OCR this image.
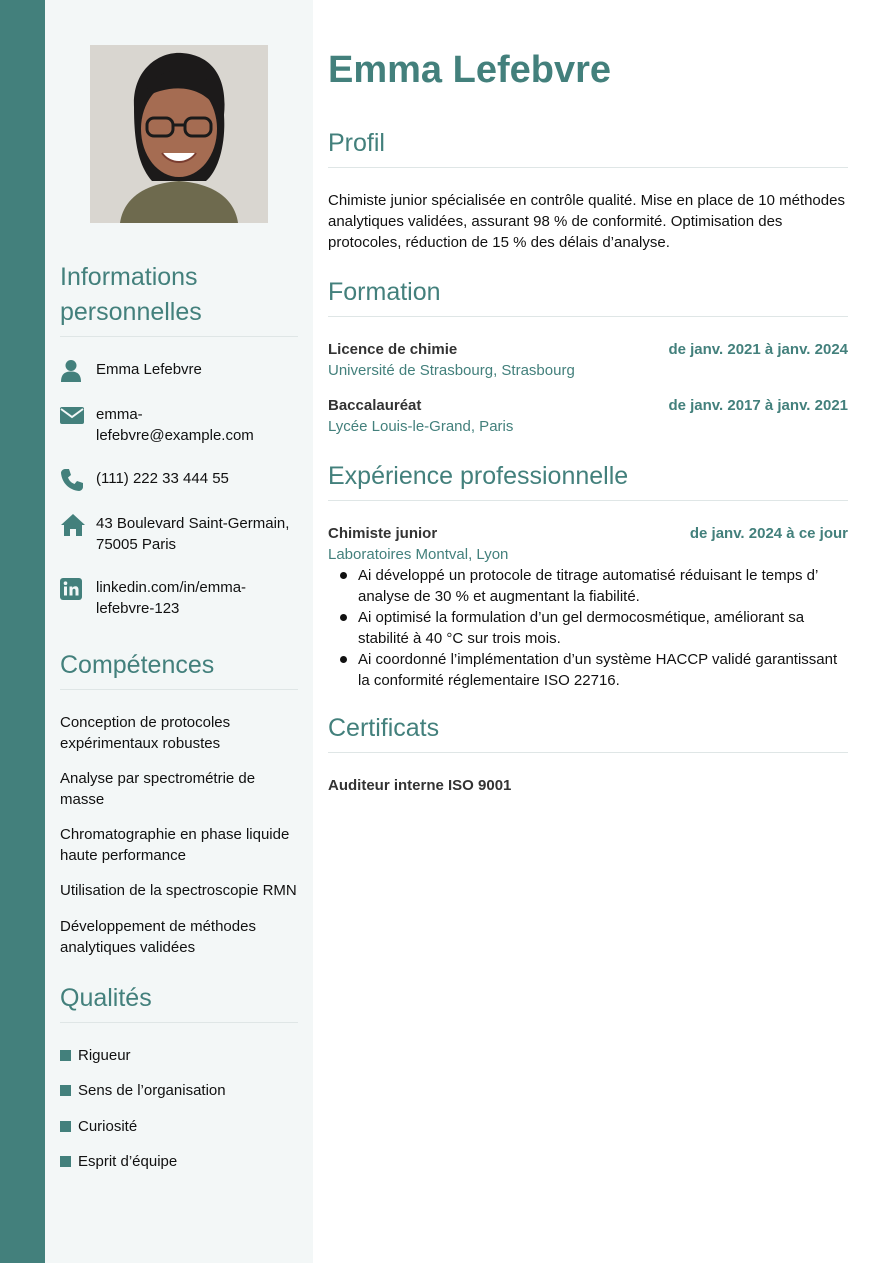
Informations personnelles
Emma Lefebvre
emma-lefebvre@example.com
(111) 222 33 444 55
43 Boulevard Saint-Germain, 75005 Paris
linkedin.com/in/emma-lefebvre-123
Compétences
Conception de protocoles expérimentaux robustes
Analyse par spectrométrie de masse
Chromatographie en phase liquide haute performance
Utilisation de la spectroscopie RMN
Développement de méthodes analytiques validées
Qualités
Rigueur
Sens de l’organisation
Curiosité
Esprit d’équipe
Emma Lefebvre
Profil
Chimiste junior spécialisée en contrôle qualité. Mise en place de 10 méthodes analytiques validées, assurant 98 % de conformité. Optimisation des protocoles, réduction de 15 % des délais d’analyse.
Formation
Licence de chimie	de janv. 2021 à janv. 2024
Université de Strasbourg, Strasbourg
Baccalauréat	de janv. 2017 à janv. 2021
Lycée Louis-le-Grand, Paris
Expérience professionnelle
Chimiste junior	de janv. 2024 à ce jour
Laboratoires Montval, Lyon
Ai développé un protocole de titrage automatisé réduisant le temps d’ analyse de 30 % et augmentant la fiabilité.
Ai optimisé la formulation d’un gel dermocosmétique, améliorant sa stabilité à 40 °C sur trois mois.
Ai coordonné l’implémentation d’un système HACCP validé garantissant la conformité réglementaire ISO 22716.
Certificats
Auditeur interne ISO 9001
